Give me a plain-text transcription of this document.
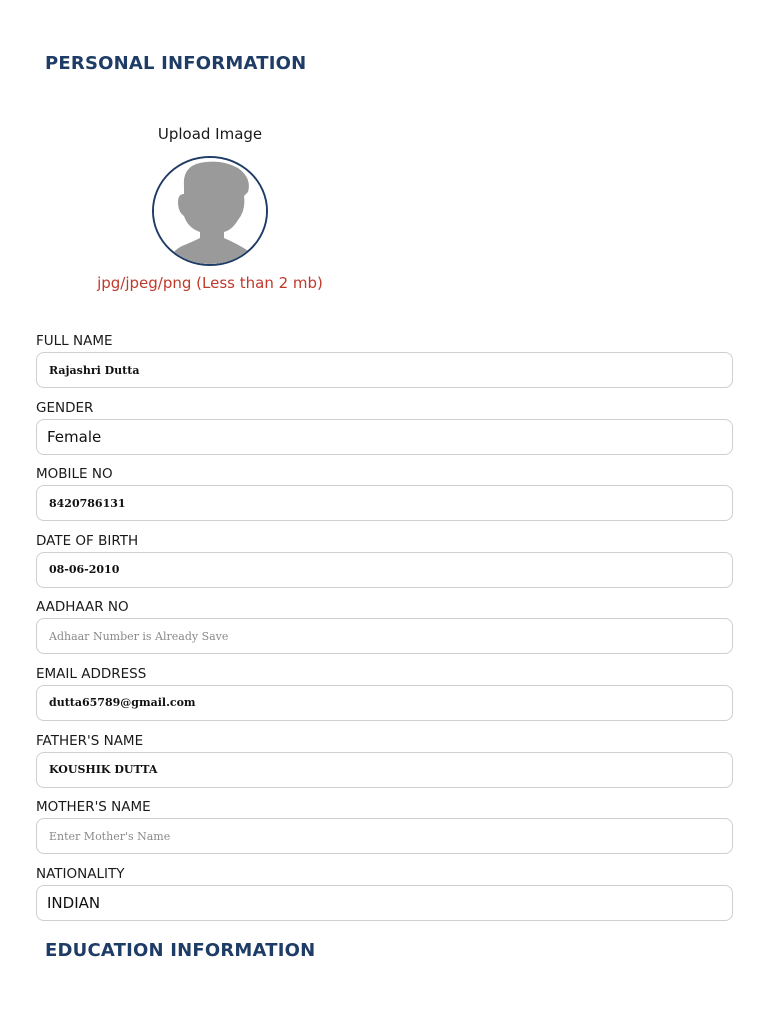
PERSONAL INFORMATION
Upload Image
jpg/jpeg/png (Less than 2 mb)
FULL NAME
Rajashri Dutta
GENDER
Female
MOBILE NO
8420786131
DATE OF BIRTH
08-06-2010
AADHAAR NO
Adhaar Number is Already Save
EMAIL ADDRESS
dutta65789@gmail.com
FATHER'S NAME
KOUSHIK DUTTA
MOTHER'S NAME
Enter Mother's Name
NATIONALITY
INDIAN
EDUCATION INFORMATION
